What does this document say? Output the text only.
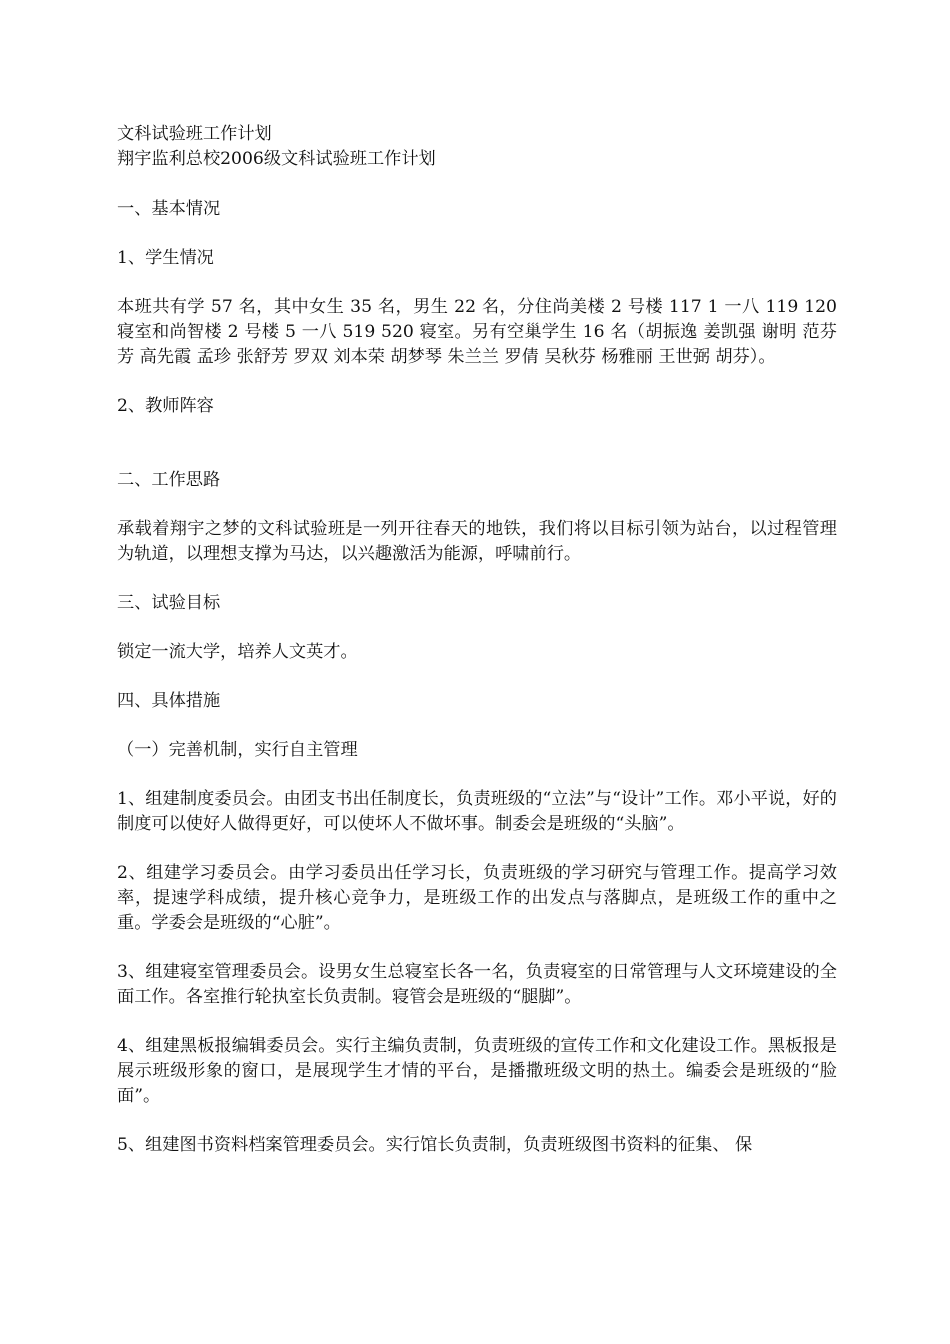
文科试验班工作计划

翔宇监利总校2006级文科试验班工作计划

一、基本情况

1、学生情况

本班共有学 57 名，其中女生 35 名，男生 22 名，分住尚美楼 2 号楼 117 1 一八 119 120 寝室和尚智楼 2 号楼 5 一八 519 520 寝室。另有空巢学生 16 名（胡振逸 姜凯强 谢明 范芬芳 高先霞 孟珍 张舒芳 罗双 刘本荣 胡梦琴 朱兰兰 罗倩 吴秋芬 杨雅丽 王世弼 胡芬）。

2、教师阵容

二、工作思路

承载着翔宇之梦的文科试验班是一列开往春天的地铁，我们将以目标引领为站台，以过程管理为轨道，以理想支撑为马达，以兴趣激活为能源，呼啸前行。

三、试验目标

锁定一流大学，培养人文英才。

四、具体措施

（一）完善机制，实行自主管理

1、组建制度委员会。由团支书出任制度长，负责班级的“立法”与“设计”工作。邓小平说，好的制度可以使好人做得更好，可以使坏人不做坏事。制委会是班级的“头脑”。

2、组建学习委员会。由学习委员出任学习长，负责班级的学习研究与管理工作。提高学习效率，提速学科成绩，提升核心竞争力，是班级工作的出发点与落脚点，是班级工作的重中之重。学委会是班级的“心脏”。

3、组建寝室管理委员会。设男女生总寝室长各一名，负责寝室的日常管理与人文环境建设的全面工作。各室推行轮执室长负责制。寝管会是班级的“腿脚”。

4、组建黑板报编辑委员会。实行主编负责制，负责班级的宣传工作和文化建设工作。黑板报是展示班级形象的窗口，是展现学生才情的平台，是播撒班级文明的热土。编委会是班级的“脸面”。

5、组建图书资料档案管理委员会。实行馆长负责制，负责班级图书资料的征集、 保
